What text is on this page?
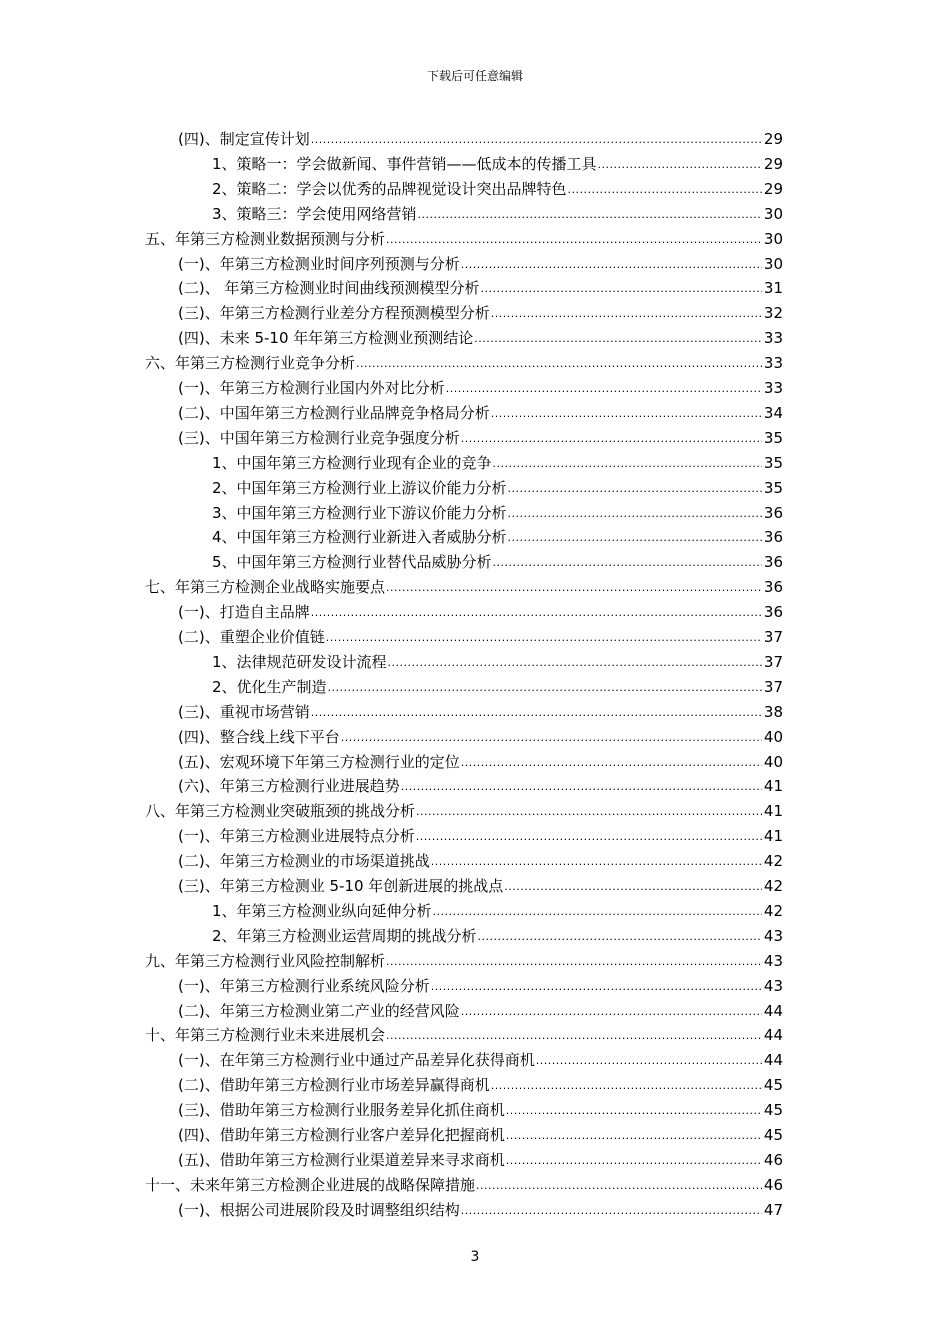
下载后可任意编辑
(四)、制定宣传计划 .....	29
1、策略一：学会做新闻、事件营销——低成本的传播工具 .....	29
2、策略二：学会以优秀的品牌视觉设计突出品牌特色 .....	29
3、策略三：学会使用网络营销 .....	30
五、年第三方检测业数据预测与分析 .....	30
(一)、年第三方检测业时间序列预测与分析 .....	30
(二)、 年第三方检测业时间曲线预测模型分析 .....	31
(三)、年第三方检测行业差分方程预测模型分析 .....	32
(四)、未来 5-10 年年第三方检测业预测结论 .....	33
六、年第三方检测行业竞争分析 .....	33
(一)、年第三方检测行业国内外对比分析 .....	33
(二)、中国年第三方检测行业品牌竞争格局分析 .....	34
(三)、中国年第三方检测行业竞争强度分析 .....	35
1、中国年第三方检测行业现有企业的竞争 .....	35
2、中国年第三方检测行业上游议价能力分析 .....	35
3、中国年第三方检测行业下游议价能力分析 .....	36
4、中国年第三方检测行业新进入者威胁分析 .....	36
5、中国年第三方检测行业替代品威胁分析 .....	36
七、年第三方检测企业战略实施要点 .....	36
(一)、打造自主品牌 .....	36
(二)、重塑企业价值链 .....	37
1、法律规范研发设计流程 .....	37
2、优化生产制造 .....	37
(三)、重视市场营销 .....	38
(四)、整合线上线下平台 .....	40
(五)、宏观环境下年第三方检测行业的定位 .....	40
(六)、年第三方检测行业进展趋势 .....	41
八、年第三方检测业突破瓶颈的挑战分析 .....	41
(一)、年第三方检测业进展特点分析 .....	41
(二)、年第三方检测业的市场渠道挑战 .....	42
(三)、年第三方检测业 5-10 年创新进展的挑战点 .....	42
1、年第三方检测业纵向延伸分析 .....	42
2、年第三方检测业运营周期的挑战分析 .....	43
九、年第三方检测行业风险控制解析 .....	43
(一)、年第三方检测行业系统风险分析 .....	43
(二)、年第三方检测业第二产业的经营风险 .....	44
十、年第三方检测行业未来进展机会 .....	44
(一)、在年第三方检测行业中通过产品差异化获得商机 .....	44
(二)、借助年第三方检测行业市场差异赢得商机 .....	45
(三)、借助年第三方检测行业服务差异化抓住商机 .....	45
(四)、借助年第三方检测行业客户差异化把握商机 .....	45
(五)、借助年第三方检测行业渠道差异来寻求商机 .....	46
十一、未来年第三方检测企业进展的战略保障措施 .....	46
(一)、根据公司进展阶段及时调整组织结构 .....	47
3
